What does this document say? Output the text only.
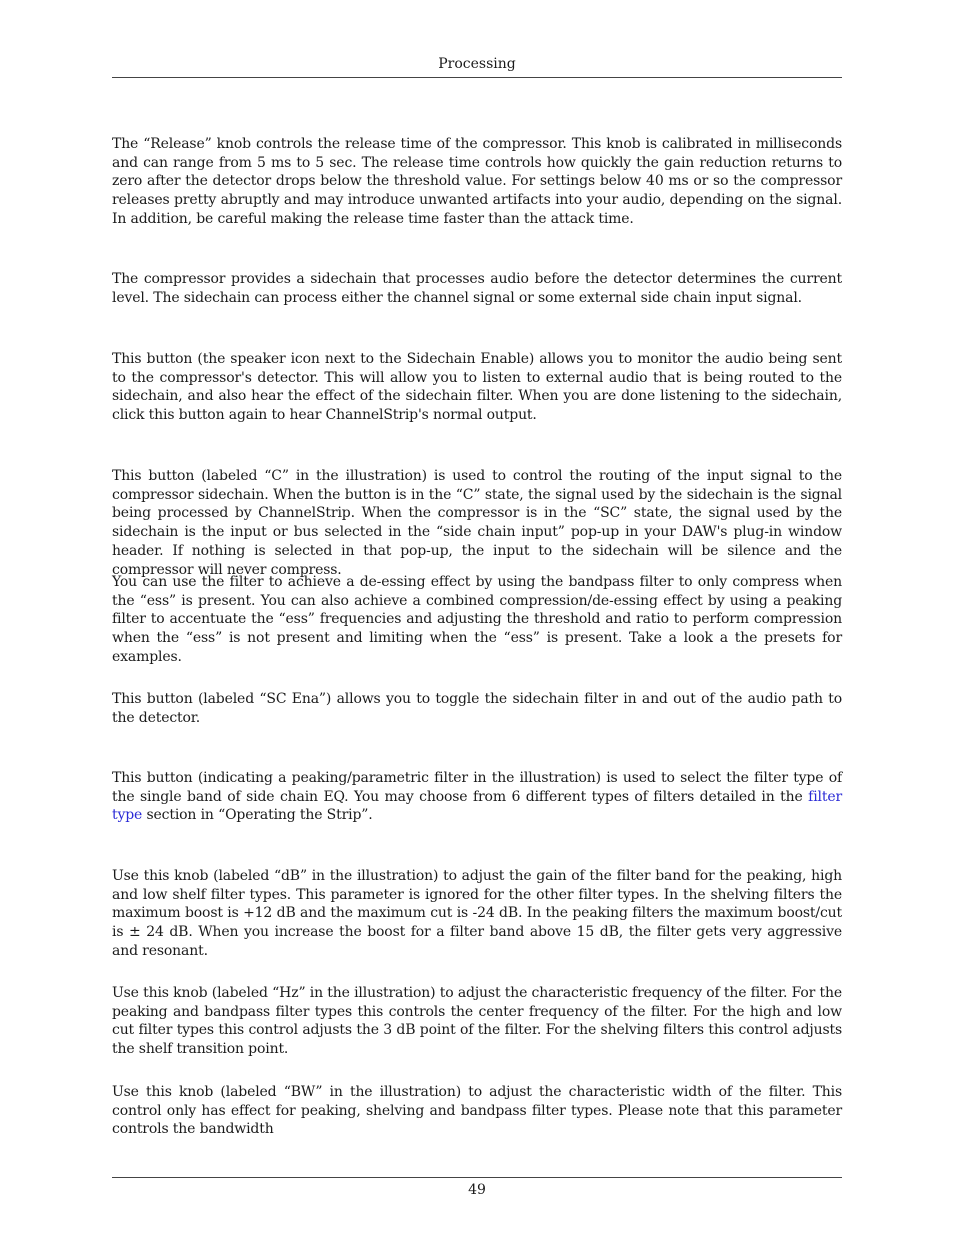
Processing

The “Release” knob controls the release time of the compressor. This knob is calibrated in milliseconds and can range from 5 ms to 5 sec. The release time controls how quickly the gain reduction returns to zero after the detector drops below the threshold value. For settings below 40 ms or so the compressor releases pretty abruptly and may introduce unwanted artifacts into your audio, depending on the signal. In addition, be careful making the release time faster than the attack time.

The compressor provides a sidechain that processes audio before the detector determines the current level. The sidechain can process either the channel signal or some external side chain input signal.

This button (the speaker icon next to the Sidechain Enable) allows you to monitor the audio being sent to the compressor's detector. This will allow you to listen to external audio that is being routed to the sidechain, and also hear the effect of the sidechain filter. When you are done listening to the sidechain, click this button again to hear ChannelStrip's normal output.

This button (labeled “C” in the illustration) is used to control the routing of the input signal to the compressor sidechain. When the button is in the “C” state, the signal used by the sidechain is the signal being processed by ChannelStrip. When the compressor is in the “SC” state, the signal used by the sidechain is the input or bus selected in the “side chain input” pop-up in your DAW's plug-in window header. If nothing is selected in that pop-up, the input to the sidechain will be silence and the compressor will never compress.

You can use the filter to achieve a de-essing effect by using the bandpass filter to only compress when the “ess” is present. You can also achieve a combined compression/de-essing effect by using a peaking filter to accentuate the “ess” frequencies and adjusting the threshold and ratio to perform compression when the “ess” is not present and limiting when the “ess” is present. Take a look a the presets for examples.

This button (labeled “SC Ena”) allows you to toggle the sidechain filter in and out of the audio path to the detector.

This button (indicating a peaking/parametric filter in the illustration) is used to select the filter type of the single band of side chain EQ. You may choose from 6 different types of filters detailed in the filter type section in “Operating the Strip”.

Use this knob (labeled “dB” in the illustration) to adjust the gain of the filter band for the peaking, high and low shelf filter types. This parameter is ignored for the other filter types. In the shelving filters the maximum boost is +12 dB and the maximum cut is -24 dB. In the peaking filters the maximum boost/cut is ± 24 dB. When you increase the boost for a filter band above 15 dB, the filter gets very aggressive and resonant.

Use this knob (labeled “Hz” in the illustration) to adjust the characteristic frequency of the filter. For the peaking and bandpass filter types this controls the center frequency of the filter. For the high and low cut filter types this control adjusts the 3 dB point of the filter. For the shelving filters this control adjusts the shelf transition point.

Use this knob (labeled “BW” in the illustration) to adjust the characteristic width of the filter. This control only has effect for peaking, shelving and bandpass filter types. Please note that this parameter controls the bandwidth

49
